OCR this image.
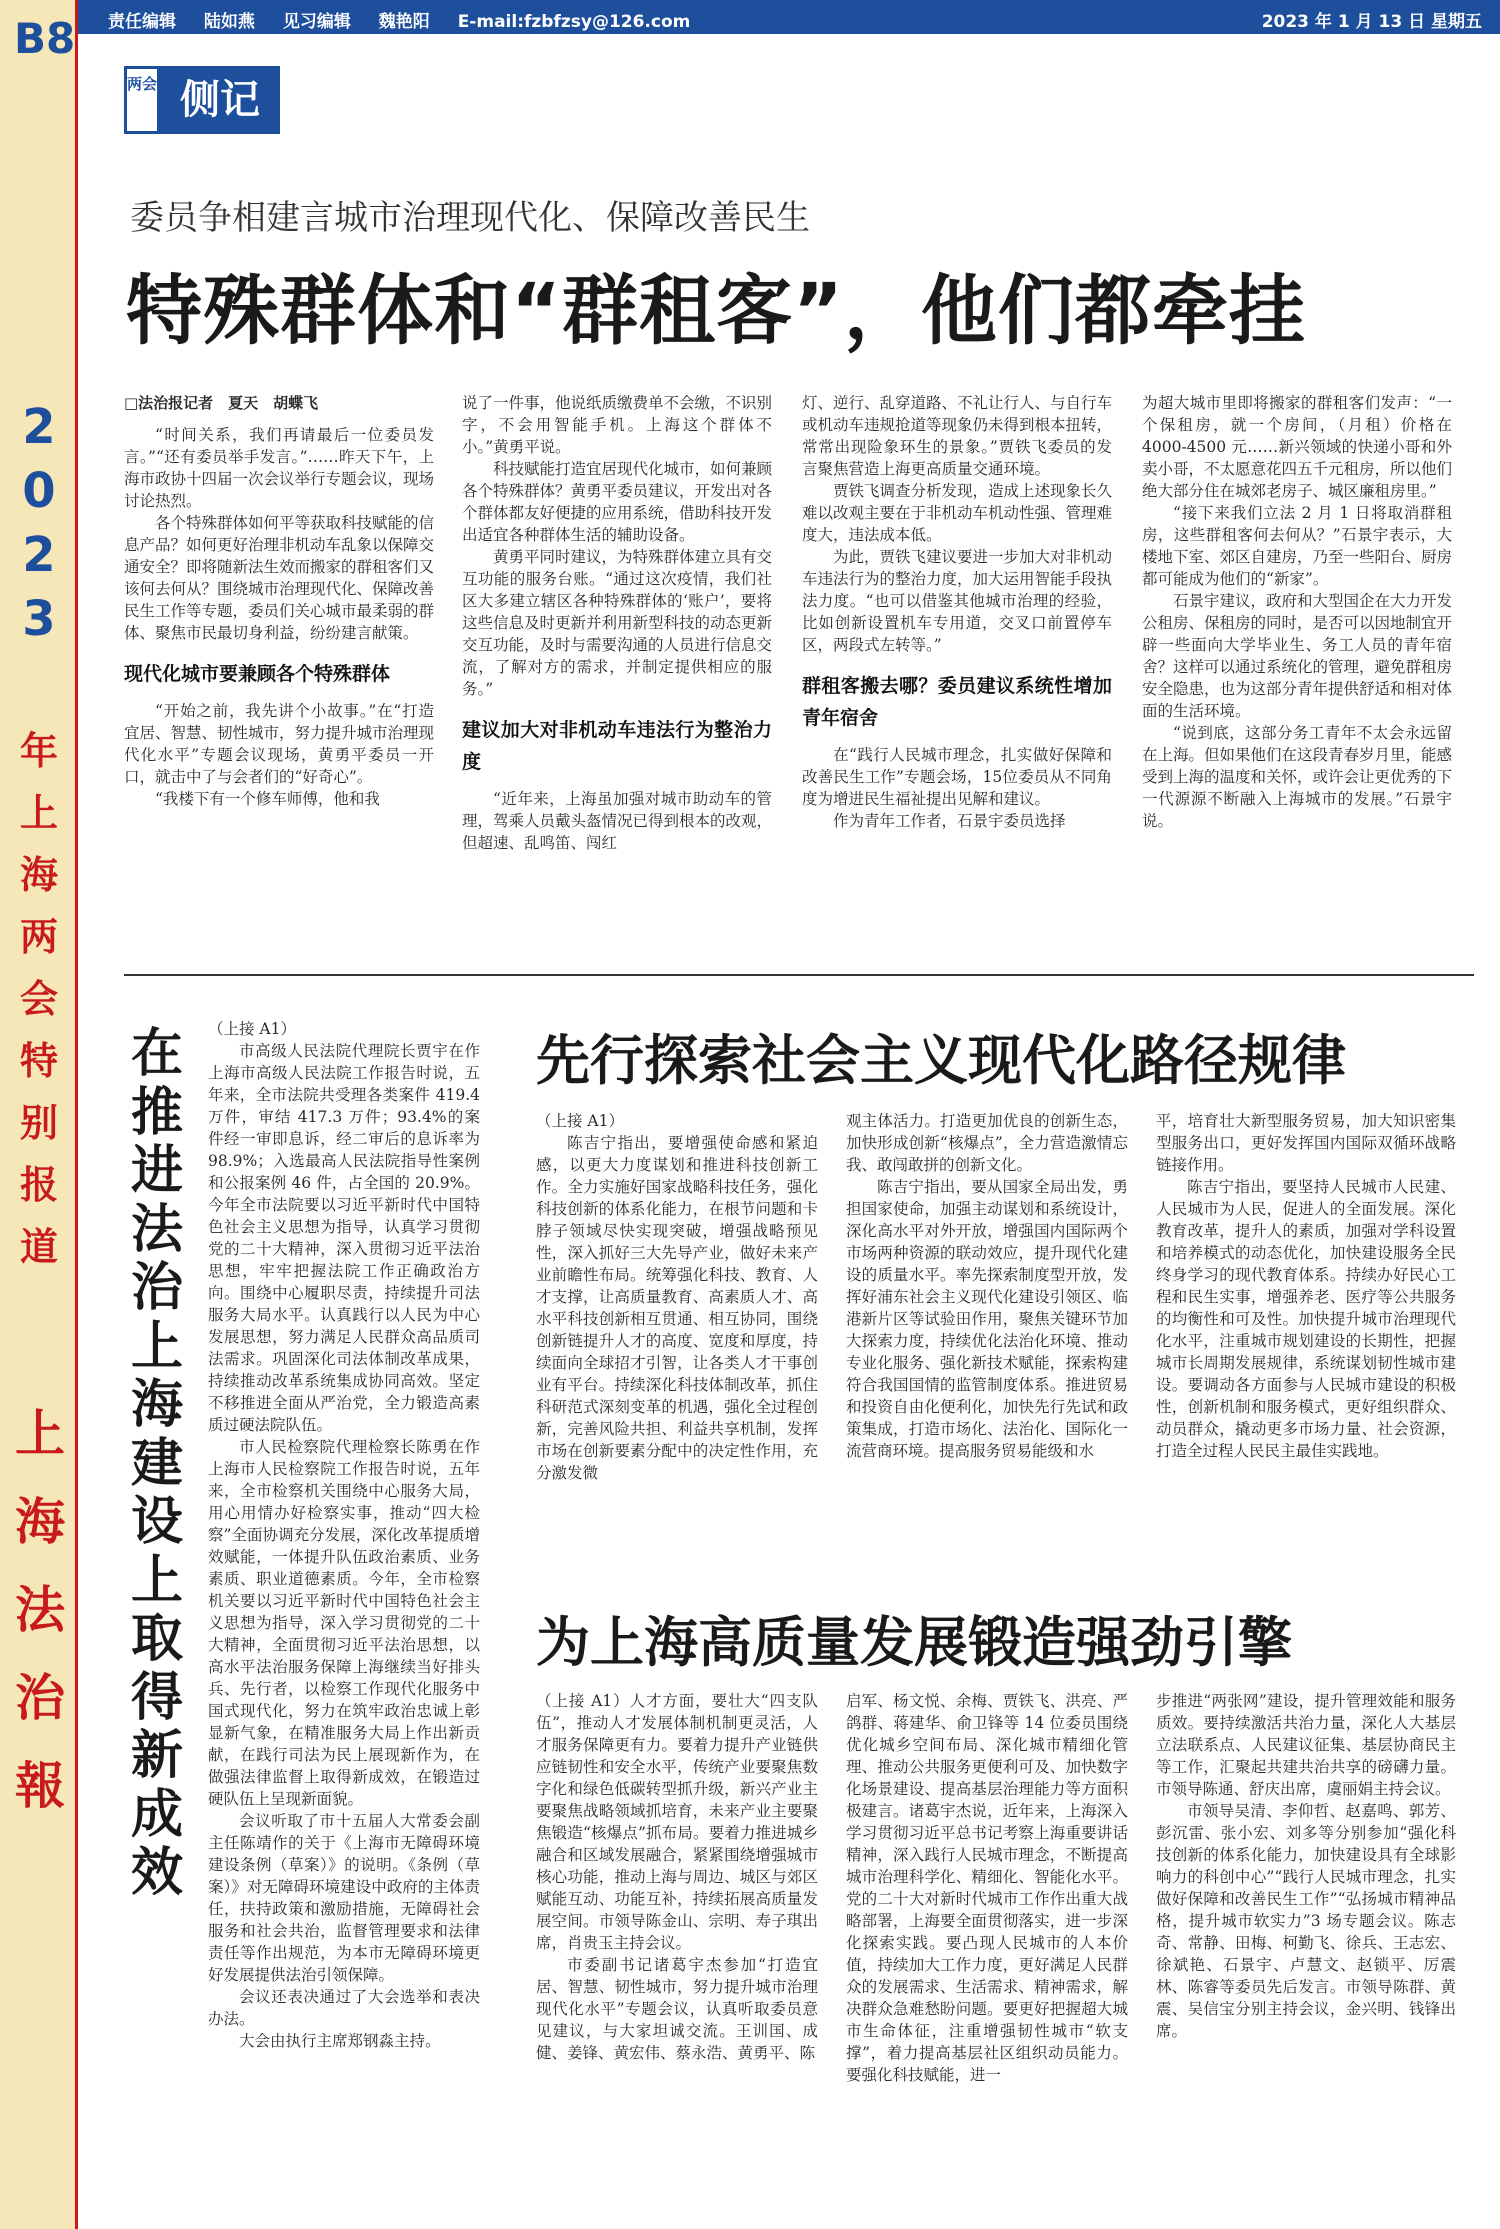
B8
2
0
2
3
年
上
海
两
会
特
别
报
道
上
海
法
治
報
责任编辑 陆如燕 见习编辑 魏艳阳 E-mail:fzbfzsy@126.com	2023 年 1 月 13 日 星期五
两会 侧记
委员争相建言城市治理现代化、保障改善民生
特殊群体和“群租客”，他们都牵挂
□法治报记者　夏天　胡蝶飞

“时间关系，我们再请最后一位委员发言。”“还有委员举手发言。”……昨天下午，上海市政协十四届一次会议举行专题会议，现场讨论热烈。

各个特殊群体如何平等获取科技赋能的信息产品？如何更好治理非机动车乱象以保障交通安全？即将随新法生效而搬家的群租客们又该何去何从？围绕城市治理现代化、保障改善民生工作等专题，委员们关心城市最柔弱的群体、聚焦市民最切身利益，纷纷建言献策。

现代化城市要兼顾各个特殊群体

“开始之前，我先讲个小故事。”在“打造宜居、智慧、韧性城市，努力提升城市治理现代化水平”专题会议现场，黄勇平委员一开口，就击中了与会者们的“好奇心”。

“我楼下有一个修车师傅，他和我

说了一件事，他说纸质缴费单不会缴，不识别字，不会用智能手机。上海这个群体不小。”黄勇平说。

科技赋能打造宜居现代化城市，如何兼顾各个特殊群体？黄勇平委员建议，开发出对各个群体都友好便捷的应用系统，借助科技开发出适宜各种群体生活的辅助设备。

黄勇平同时建议，为特殊群体建立具有交互功能的服务台账。“通过这次疫情，我们社区大多建立辖区各种特殊群体的‘账户’，要将这些信息及时更新并利用新型科技的动态更新交互功能，及时与需要沟通的人员进行信息交流，了解对方的需求，并制定提供相应的服务。”

建议加大对非机动车违法行为整治力度

“近年来，上海虽加强对城市助动车的管理，驾乘人员戴头盔情况已得到根本的改观，但超速、乱鸣笛、闯红

灯、逆行、乱穿道路、不礼让行人、与自行车或机动车违规抢道等现象仍未得到根本扭转，常常出现险象环生的景象。”贾铁飞委员的发言聚焦营造上海更高质量交通环境。

贾铁飞调查分析发现，造成上述现象长久难以改观主要在于非机动车机动性强、管理难度大，违法成本低。

为此，贾铁飞建议要进一步加大对非机动车违法行为的整治力度，加大运用智能手段执法力度。“也可以借鉴其他城市治理的经验，比如创新设置机车专用道，交叉口前置停车区，两段式左转等。”

群租客搬去哪？委员建议系统性增加青年宿舍

在“践行人民城市理念，扎实做好保障和改善民生工作”专题会场，15位委员从不同角度为增进民生福祉提出见解和建议。

作为青年工作者，石景宇委员选择

为超大城市里即将搬家的群租客们发声：“一个保租房，就一个房间，（月租）价格在 4000-4500 元……新兴领域的快递小哥和外卖小哥，不太愿意花四五千元租房，所以他们绝大部分住在城郊老房子、城区廉租房里。”

“接下来我们立法 2 月 1 日将取消群租房，这些群租客何去何从？”石景宇表示，大楼地下室、郊区自建房，乃至一些阳台、厨房都可能成为他们的“新家”。

石景宇建议，政府和大型国企在大力开发公租房、保租房的同时，是否可以因地制宜开辟一些面向大学毕业生、务工人员的青年宿舍？这样可以通过系统化的管理，避免群租房安全隐患，也为这部分青年提供舒适和相对体面的生活环境。

“说到底，这部分务工青年不太会永远留在上海。但如果他们在这段青春岁月里，能感受到上海的温度和关怀，或许会让更优秀的下一代源源不断融入上海城市的发展。”石景宇说。

在
推
进
法
治
上
海
建
设
上
取
得
新
成
效

（上接 A1）

市高级人民法院代理院长贾宇在作上海市高级人民法院工作报告时说，五年来，全市法院共受理各类案件 419.4 万件，审结 417.3 万件；93.4%的案件经一审即息诉，经二审后的息诉率为 98.9%；入选最高人民法院指导性案例和公报案例 46 件，占全国的 20.9%。今年全市法院要以习近平新时代中国特色社会主义思想为指导，认真学习贯彻党的二十大精神，深入贯彻习近平法治思想，牢牢把握法院工作正确政治方向。围绕中心履职尽责，持续提升司法服务大局水平。认真践行以人民为中心发展思想，努力满足人民群众高品质司法需求。巩固深化司法体制改革成果，持续推动改革系统集成协同高效。坚定不移推进全面从严治党，全力锻造高素质过硬法院队伍。

市人民检察院代理检察长陈勇在作上海市人民检察院工作报告时说，五年来，全市检察机关围绕中心服务大局，用心用情办好检察实事，推动“四大检察”全面协调充分发展，深化改革提质增效赋能，一体提升队伍政治素质、业务素质、职业道德素质。今年，全市检察机关要以习近平新时代中国特色社会主义思想为指导，深入学习贯彻党的二十大精神，全面贯彻习近平法治思想，以高水平法治服务保障上海继续当好排头兵、先行者，以检察工作现代化服务中国式现代化，努力在筑牢政治忠诚上彰显新气象，在精准服务大局上作出新贡献，在践行司法为民上展现新作为，在做强法律监督上取得新成效，在锻造过硬队伍上呈现新面貌。

会议听取了市十五届人大常委会副主任陈靖作的关于《上海市无障碍环境建设条例（草案）》的说明。《条例（草案）》对无障碍环境建设中政府的主体责任，扶持政策和激励措施，无障碍社会服务和社会共治，监督管理要求和法律责任等作出规范，为本市无障碍环境更好发展提供法治引领保障。

会议还表决通过了大会选举和表决办法。

大会由执行主席郑钢淼主持。

先行探索社会主义现代化路径规律

（上接 A1）

陈吉宁指出，要增强使命感和紧迫感，以更大力度谋划和推进科技创新工作。全力实施好国家战略科技任务，强化科技创新的体系化能力，在根节问题和卡脖子领域尽快实现突破，增强战略预见性，深入抓好三大先导产业，做好未来产业前瞻性布局。统筹强化科技、教育、人才支撑，让高质量教育、高素质人才、高水平科技创新相互贯通、相互协同，围绕创新链提升人才的高度、宽度和厚度，持续面向全球招才引智，让各类人才干事创业有平台。持续深化科技体制改革，抓住科研范式深刻变革的机遇，强化全过程创新，完善风险共担、利益共享机制，发挥市场在创新要素分配中的决定性作用，充分激发微

观主体活力。打造更加优良的创新生态，加快形成创新“核爆点”，全力营造激情忘我、敢闯敢拼的创新文化。

陈吉宁指出，要从国家全局出发，勇担国家使命，加强主动谋划和系统设计，深化高水平对外开放，增强国内国际两个市场两种资源的联动效应，提升现代化建设的质量水平。率先探索制度型开放，发挥好浦东社会主义现代化建设引领区、临港新片区等试验田作用，聚焦关键环节加大探索力度，持续优化法治化环境、推动专业化服务、强化新技术赋能，探索构建符合我国国情的监管制度体系。推进贸易和投资自由化便利化，加快先行先试和政策集成，打造市场化、法治化、国际化一流营商环境。提高服务贸易能级和水

平，培育壮大新型服务贸易，加大知识密集型服务出口，更好发挥国内国际双循环战略链接作用。

陈吉宁指出，要坚持人民城市人民建、人民城市为人民，促进人的全面发展。深化教育改革，提升人的素质，加强对学科设置和培养模式的动态优化，加快建设服务全民终身学习的现代教育体系。持续办好民心工程和民生实事，增强养老、医疗等公共服务的均衡性和可及性。加快提升城市治理现代化水平，注重城市规划建设的长期性，把握城市长周期发展规律，系统谋划韧性城市建设。要调动各方面参与人民城市建设的积极性，创新机制和服务模式，更好组织群众、动员群众，撬动更多市场力量、社会资源，打造全过程人民民主最佳实践地。

为上海高质量发展锻造强劲引擎

（上接 A1）人才方面，要壮大“四支队伍”，推动人才发展体制机制更灵活，人才服务保障更有力。要着力提升产业链供应链韧性和安全水平，传统产业要聚焦数字化和绿色低碳转型抓升级，新兴产业主要聚焦战略领域抓培育，未来产业主要聚焦锻造“核爆点”抓布局。要着力推进城乡融合和区域发展融合，紧紧围绕增强城市核心功能，推动上海与周边、城区与郊区赋能互动、功能互补，持续拓展高质量发展空间。市领导陈金山、宗明、寿子琪出席，肖贵玉主持会议。

市委副书记诸葛宇杰参加“打造宜居、智慧、韧性城市，努力提升城市治理现代化水平”专题会议，认真听取委员意见建议，与大家坦诚交流。王训国、成健、姜锋、黄宏伟、蔡永浩、黄勇平、陈

启军、杨文悦、余梅、贾铁飞、洪亮、严鸽群、蒋建华、俞卫锋等 14 位委员围绕优化城乡空间布局、深化城市精细化管理、推动公共服务更便利可及、加快数字化场景建设、提高基层治理能力等方面积极建言。诸葛宇杰说，近年来，上海深入学习贯彻习近平总书记考察上海重要讲话精神，深入践行人民城市理念，不断提高城市治理科学化、精细化、智能化水平。党的二十大对新时代城市工作作出重大战略部署，上海要全面贯彻落实，进一步深化探索实践。要凸现人民城市的人本价值，持续加大工作力度，更好满足人民群众的发展需求、生活需求、精神需求，解决群众急难愁盼问题。要更好把握超大城市生命体征，注重增强韧性城市“软支撑”，着力提高基层社区组织动员能力。要强化科技赋能，进一

步推进“两张网”建设，提升管理效能和服务质效。要持续激活共治力量，深化人大基层立法联系点、人民建议征集、基层协商民主等工作，汇聚起共建共治共享的磅礴力量。市领导陈通、舒庆出席，虞丽娟主持会议。

市领导吴清、李仰哲、赵嘉鸣、郭芳、彭沉雷、张小宏、刘多等分别参加“强化科技创新的体系化能力，加快建设具有全球影响力的科创中心”“践行人民城市理念，扎实做好保障和改善民生工作”“弘扬城市精神品格，提升城市软实力”3 场专题会议。陈志奇、常静、田梅、柯勤飞、徐兵、王志宏、徐斌艳、石景宇、卢慧文、赵锁平、厉震林、陈睿等委员先后发言。市领导陈群、黄震、吴信宝分别主持会议，金兴明、钱锋出席。
